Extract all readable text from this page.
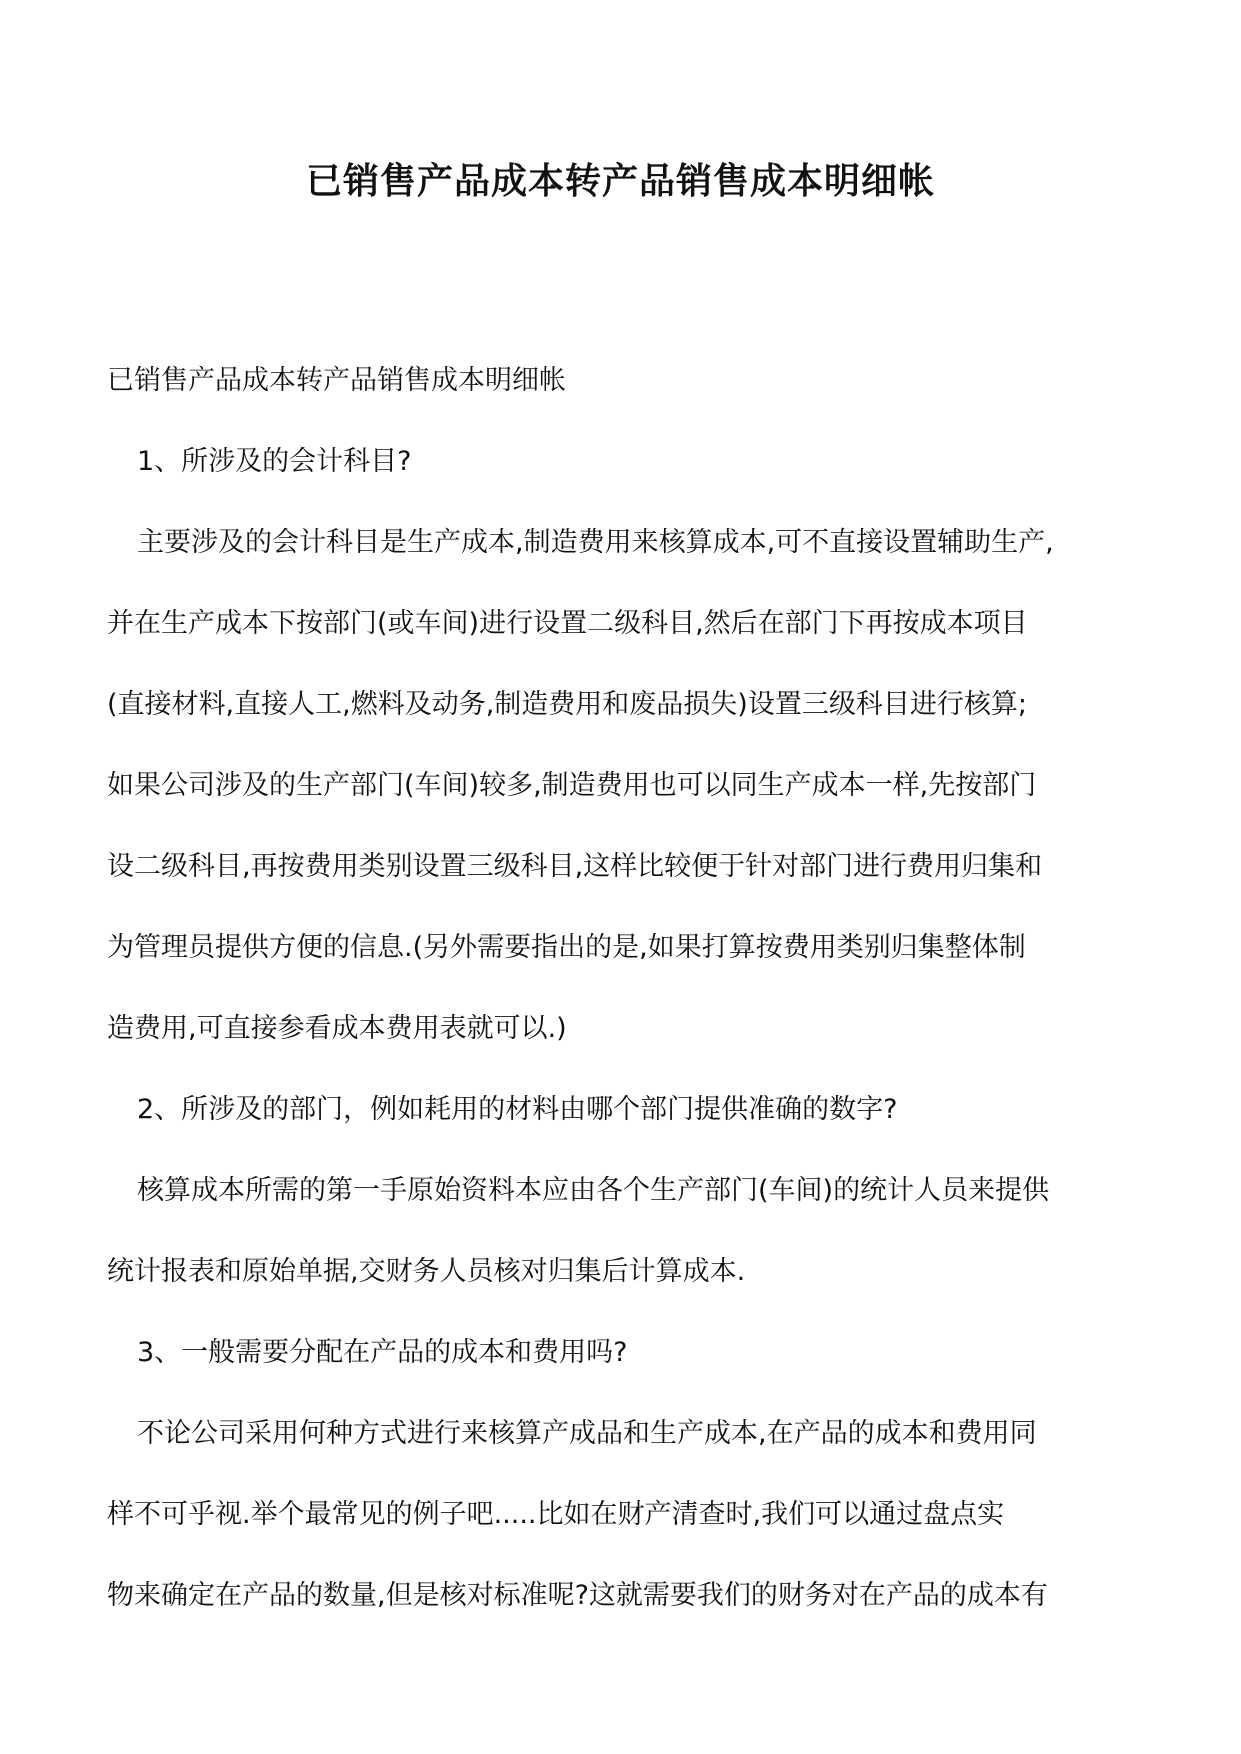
已销售产品成本转产品销售成本明细帐

已销售产品成本转产品销售成本明细帐

1、所涉及的会计科目?

主要涉及的会计科目是生产成本,制造费用来核算成本,可不直接设置辅助生产,

并在生产成本下按部门(或车间)进行设置二级科目,然后在部门下再按成本项目

(直接材料,直接人工,燃料及动务,制造费用和废品损失)设置三级科目进行核算;

如果公司涉及的生产部门(车间)较多,制造费用也可以同生产成本一样,先按部门

设二级科目,再按费用类别设置三级科目,这样比较便于针对部门进行费用归集和

为管理员提供方便的信息.(另外需要指出的是,如果打算按费用类别归集整体制

造费用,可直接参看成本费用表就可以.)

2、所涉及的部门，例如耗用的材料由哪个部门提供准确的数字?

核算成本所需的第一手原始资料本应由各个生产部门(车间)的统计人员来提供

统计报表和原始单据,交财务人员核对归集后计算成本.

3、一般需要分配在产品的成本和费用吗?

不论公司采用何种方式进行来核算产成品和生产成本,在产品的成本和费用同

样不可乎视.举个最常见的例子吧.....比如在财产清查时,我们可以通过盘点实

物来确定在产品的数量,但是核对标准呢?这就需要我们的财务对在产品的成本有
